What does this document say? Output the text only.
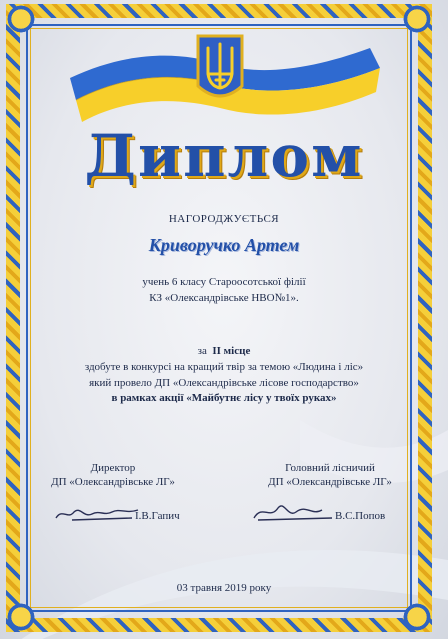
Диплом
НАГОРОДЖУЄТЬСЯ
Криворучко Артем
учень 6 класу Староосотської філії
КЗ «Олександрівське НВО№1».
за II місце
здобуте в конкурсі на кращий твір за темою «Людина і ліс»
який провело ДП «Олександрівське лісове господарство»
в рамках акції «Майбутнє лісу у твоїх руках»
Директор
ДП «Олександрівське ЛГ»
Головний лісничий
ДП «Олександрівське ЛГ»
І.В.Гапич	В.С.Попов
03 травня 2019 року
